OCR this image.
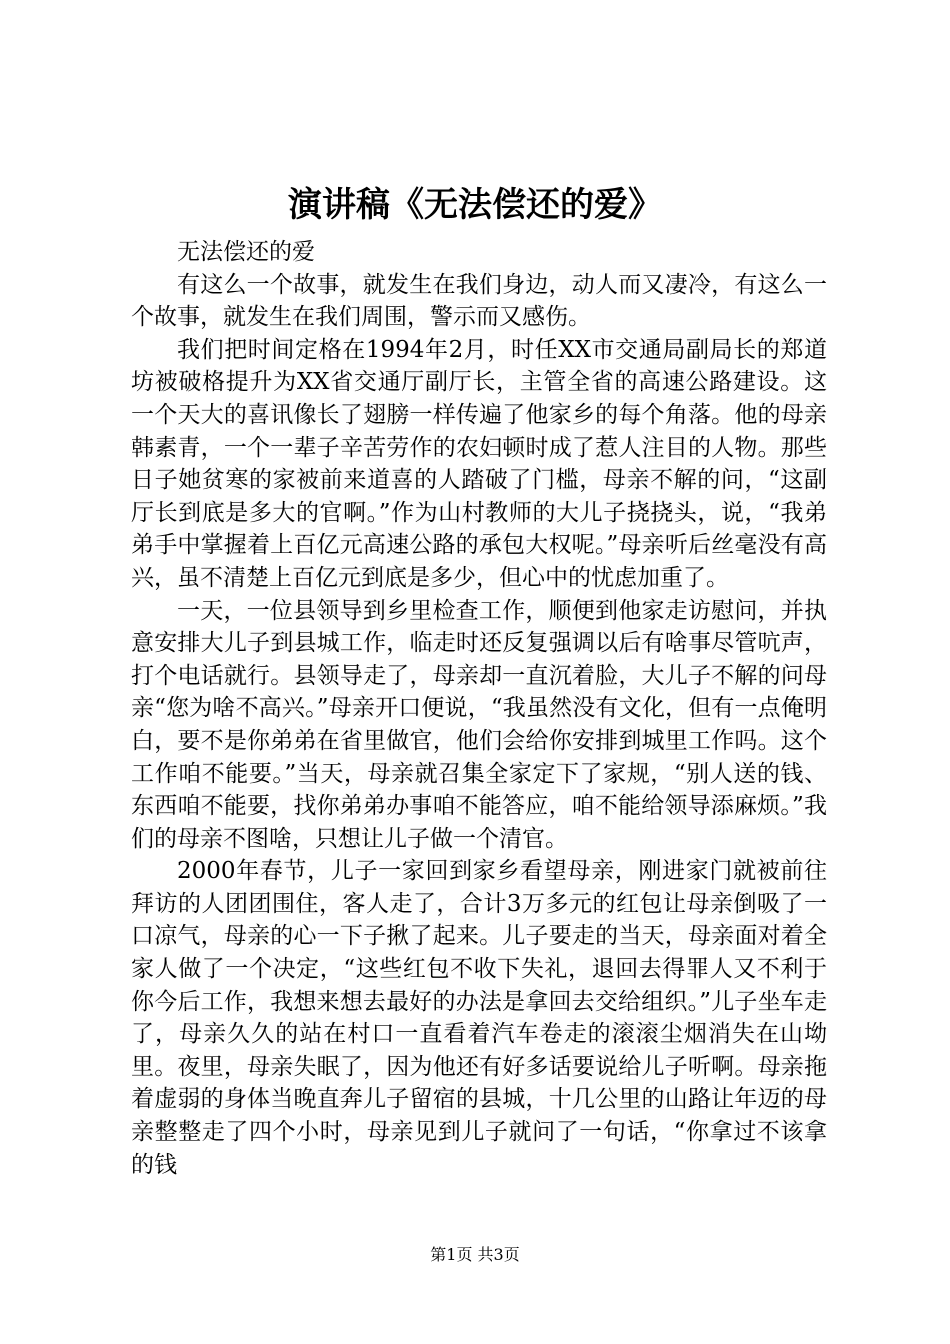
演讲稿《无法偿还的爱》

无法偿还的爱

有这么一个故事，就发生在我们身边，动人而又凄冷，有这么一个故事，就发生在我们周围，警示而又感伤。

我们把时间定格在1994年2月，时任XX市交通局副局长的郑道坊被破格提升为XX省交通厅副厅长，主管全省的高速公路建设。这一个天大的喜讯像长了翅膀一样传遍了他家乡的每个角落。他的母亲韩素青，一个一辈子辛苦劳作的农妇顿时成了惹人注目的人物。那些日子她贫寒的家被前来道喜的人踏破了门槛，母亲不解的问，“这副厅长到底是多大的官啊。”作为山村教师的大儿子挠挠头，说，“我弟弟手中掌握着上百亿元高速公路的承包大权呢。”母亲听后丝毫没有高兴，虽不清楚上百亿元到底是多少，但心中的忧虑加重了。

一天，一位县领导到乡里检查工作，顺便到他家走访慰问，并执意安排大儿子到县城工作，临走时还反复强调以后有啥事尽管吭声，打个电话就行。县领导走了，母亲却一直沉着脸，大儿子不解的问母亲“您为啥不高兴。”母亲开口便说，“我虽然没有文化，但有一点俺明白，要不是你弟弟在省里做官，他们会给你安排到城里工作吗。这个工作咱不能要。”当天，母亲就召集全家定下了家规，“别人送的钱、东西咱不能要，找你弟弟办事咱不能答应，咱不能给领导添麻烦。”我们的母亲不图啥，只想让儿子做一个清官。

2000年春节，儿子一家回到家乡看望母亲，刚进家门就被前往拜访的人团团围住，客人走了，合计3万多元的红包让母亲倒吸了一口凉气，母亲的心一下子揪了起来。儿子要走的当天，母亲面对着全家人做了一个决定，“这些红包不收下失礼，退回去得罪人又不利于你今后工作，我想来想去最好的办法是拿回去交给组织。”儿子坐车走了，母亲久久的站在村口一直看着汽车卷走的滚滚尘烟消失在山坳里。夜里，母亲失眠了，因为他还有好多话要说给儿子听啊。母亲拖着虚弱的身体当晚直奔儿子留宿的县城，十几公里的山路让年迈的母亲整整走了四个小时，母亲见到儿子就问了一句话，“你拿过不该拿的钱

第1页 共3页
